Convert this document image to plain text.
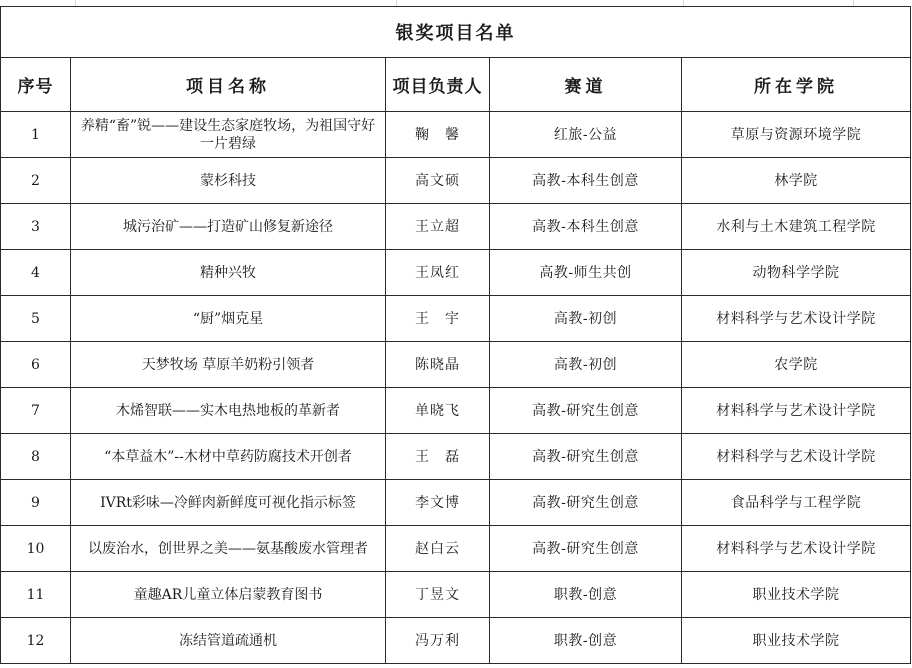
银奖项目名单				
序号	项目名称	项目负责人	赛道	所在学院
1	养精“畜”锐——建设生态家庭牧场，为祖国守好一片碧绿	鞠　馨	红旅-公益	草原与资源环境学院
2	蒙杉科技	高文硕	高教-本科生创意	林学院
3	城污治矿——打造矿山修复新途径	王立超	高教-本科生创意	水利与土木建筑工程学院
4	精种兴牧	王凤红	高教-师生共创	动物科学学院
5	“厨”烟克星	王　宇	高教-初创	材料科学与艺术设计学院
6	天梦牧场 草原羊奶粉引领者	陈晓晶	高教-初创	农学院
7	木烯智联——实木电热地板的革新者	单晓飞	高教-研究生创意	材料科学与艺术设计学院
8	“本草益木”--木材中草药防腐技术开创者	王　磊	高教-研究生创意	材料科学与艺术设计学院
9	IVRt彩味—冷鲜肉新鲜度可视化指示标签	李文博	高教-研究生创意	食品科学与工程学院
10	以废治水，创世界之美——氨基酸废水管理者	赵白云	高教-研究生创意	材料科学与艺术设计学院
11	童趣AR儿童立体启蒙教育图书	丁昱文	职教-创意	职业技术学院
12	冻结管道疏通机	冯万利	职教-创意	职业技术学院
